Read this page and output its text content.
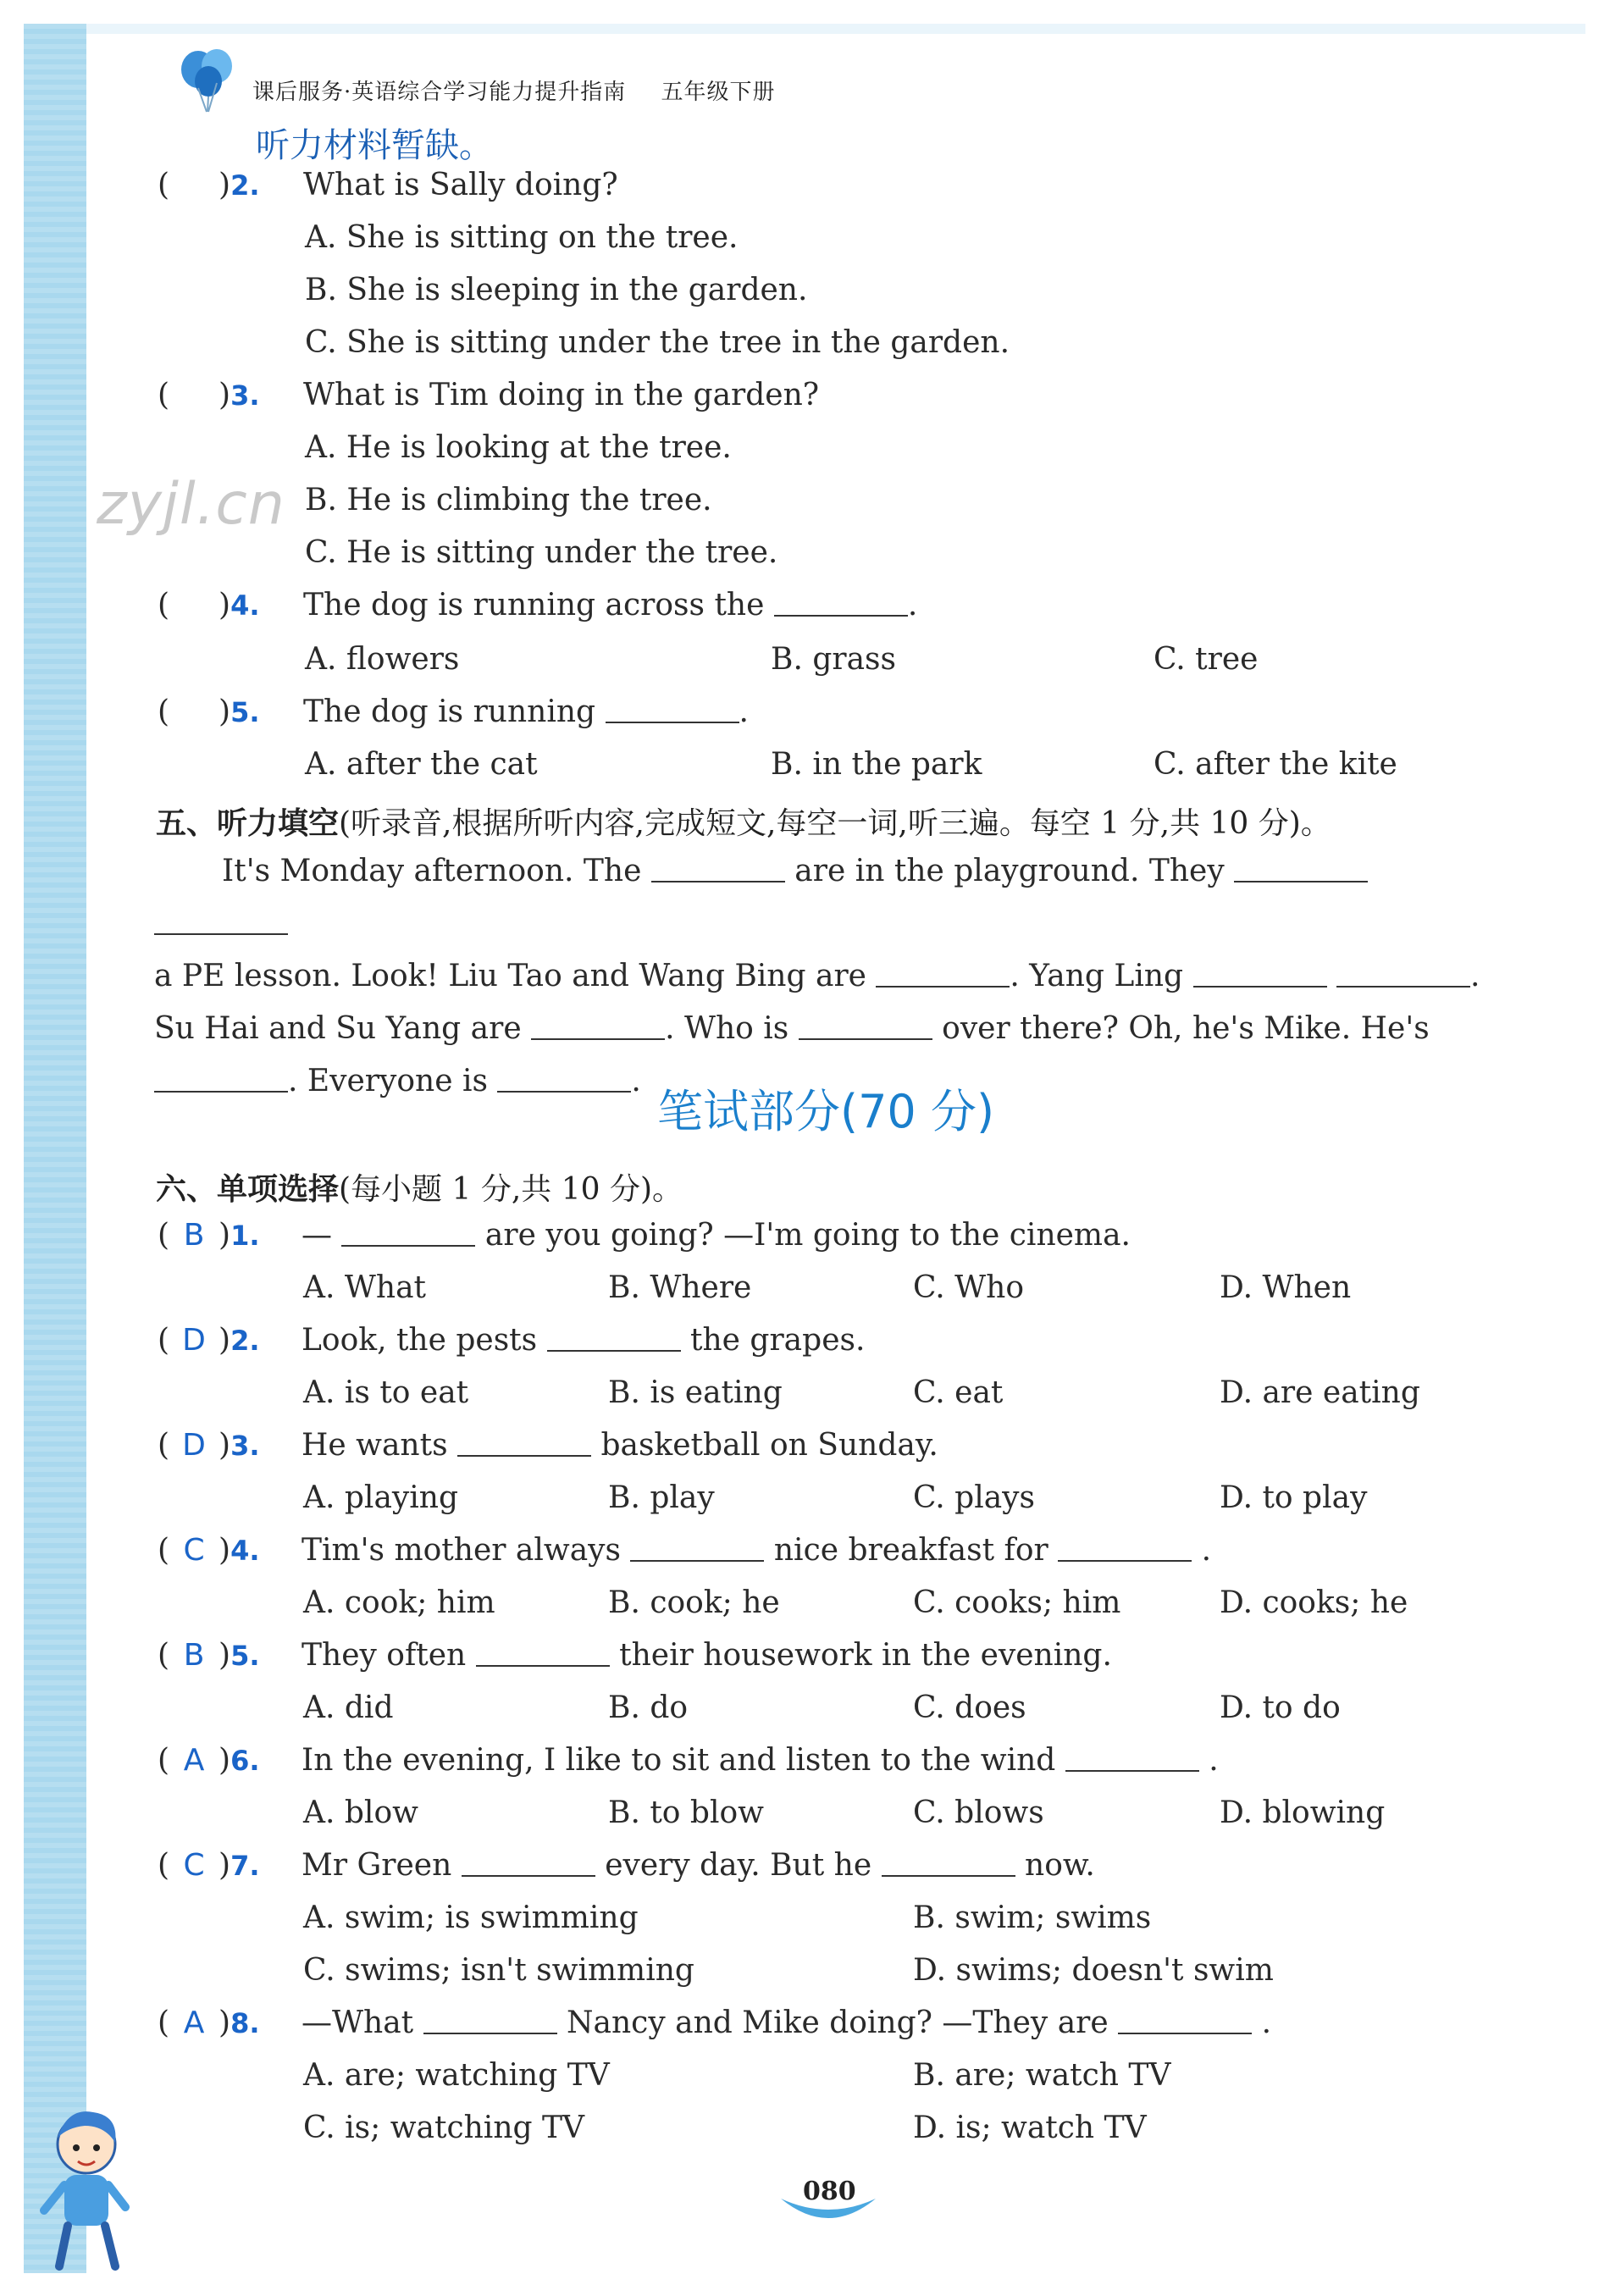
课后服务·英语综合学习能力提升指南 五年级下册
听力材料暂缺。
zyjl.cn
( )2. What is Sally doing?
A. She is sitting on the tree.
B. She is sleeping in the garden.
C. She is sitting under the tree in the garden.
( )3. What is Tim doing in the garden?
A. He is looking at the tree.
B. He is climbing the tree.
C. He is sitting under the tree.
( )4. The dog is running across the	.
A. flowers	B. grass	C. tree
( )5. The dog is running	.
A. after the cat	B. in the park	C. after the kite
五、听力填空(听录音,根据所听内容,完成短文,每空一词,听三遍。每空 1 分,共 10 分)。
It's Monday afternoon. The	are in the playground. They
a PE lesson. Look! Liu Tao and Wang Bing are	. Yang Ling	.
Su Hai and Su Yang are	. Who is	over there? Oh, he's Mike. He's
. Everyone is	.
笔试部分(70 分)
六、单项选择(每小题 1 分,共 10 分)。
( B )1. —	are you going? —I'm going to the cinema.
A. What	B. Where	C. Who	D. When
( D )2. Look, the pests	the grapes.
A. is to eat	B. is eating	C. eat	D. are eating
( D )3. He wants	basketball on Sunday.
A. playing	B. play	C. plays	D. to play
( C )4. Tim's mother always	nice breakfast for	.
A. cook; him	B. cook; he	C. cooks; him	D. cooks; he
( B )5. They often	their housework in the evening.
A. did	B. do	C. does	D. to do
( A )6. In the evening, I like to sit and listen to the wind	.
A. blow	B. to blow	C. blows	D. blowing
( C )7. Mr Green	every day. But he	now.
A. swim; is swimming	B. swim; swims
C. swims; isn't swimming	D. swims; doesn't swim
( A )8. —What	Nancy and Mike doing? —They are	.
A. are; watching TV	B. are; watch TV
C. is; watching TV	D. is; watch TV
080
